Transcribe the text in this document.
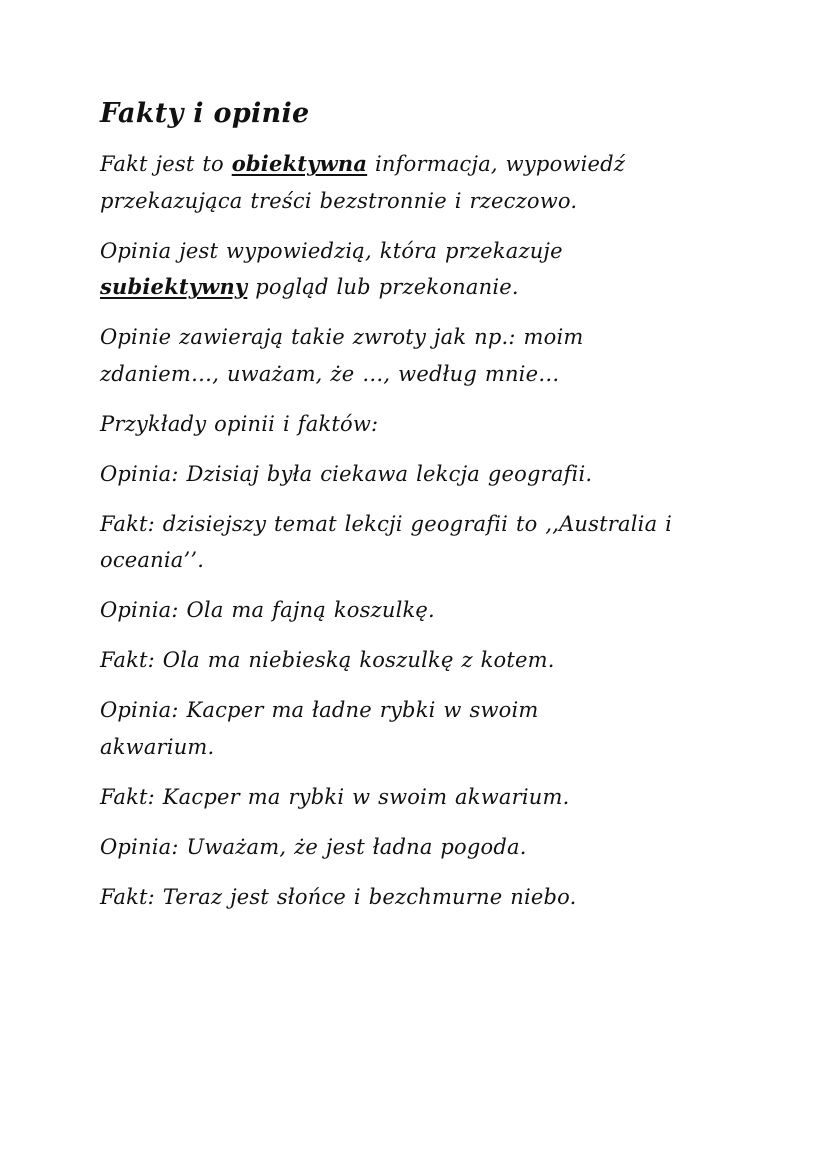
Fakty i opinie

Fakt jest to obiektywna informacja, wypowiedź przekazująca treści bezstronnie i rzeczowo.

Opinia jest wypowiedzią, która przekazuje subiektywny pogląd lub przekonanie.

Opinie zawierają takie zwroty jak np.: moim zdaniem…, uważam, że …, według mnie…

Przykłady opinii i faktów:

Opinia: Dzisiaj była ciekawa lekcja geografii.

Fakt: dzisiejszy temat lekcji geografii to ,,Australia i oceania’’.

Opinia: Ola ma fajną koszulkę.

Fakt: Ola ma niebieską koszulkę z kotem.

Opinia: Kacper ma ładne rybki w swoim akwarium.

Fakt: Kacper ma rybki w swoim akwarium.

Opinia: Uważam, że jest ładna pogoda.

Fakt: Teraz jest słońce i bezchmurne niebo.
